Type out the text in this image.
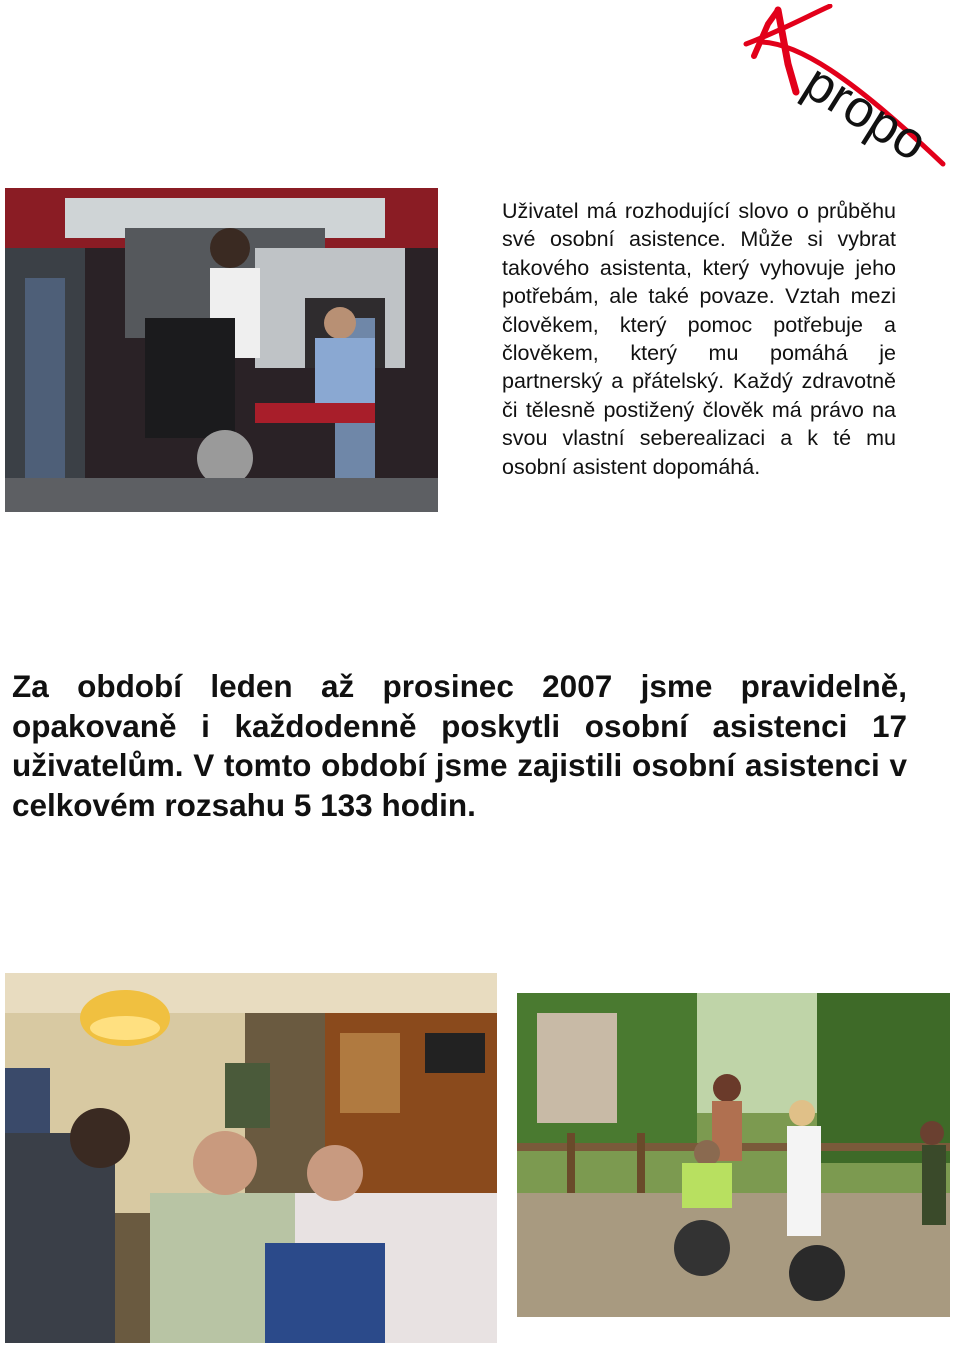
propo

Uživatel má rozhodující slovo o průběhu své osobní asistence. Může si vybrat takového asistenta, který vyhovuje jeho potřebám, ale také povaze. Vztah mezi člověkem, který pomoc potřebuje a člověkem, který mu pomáhá je partnerský a přátelský. Každý zdravotně či tělesně postižený člověk má právo na svou vlastní seberealizaci a k té mu osobní asistent dopomáhá.

Za období leden až prosinec 2007 jsme pravidelně, opakovaně i každodenně poskytli osobní asistenci 17 uživatelům. V tomto období jsme zajistili osobní asistenci v celkovém rozsahu 5 133 hodin.
